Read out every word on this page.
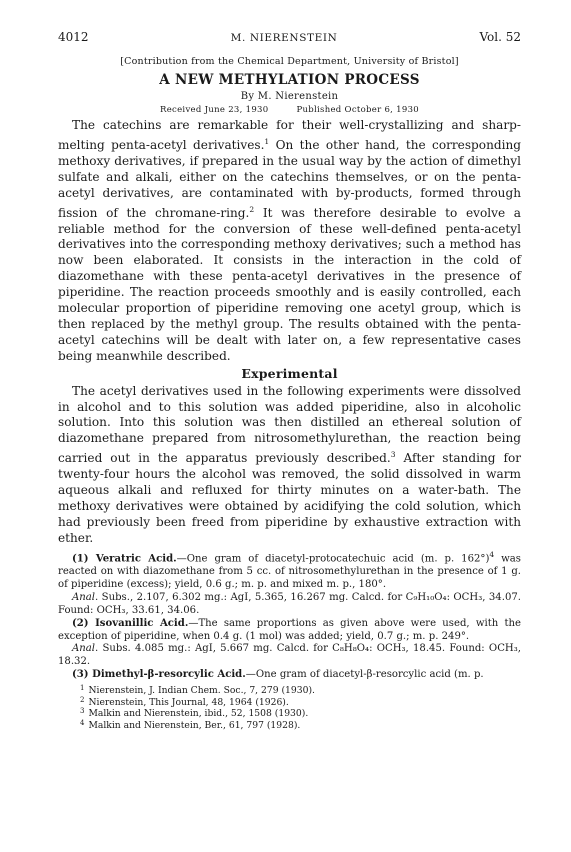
4012	M. NIERENSTEIN	Vol. 52
[Contribution from the Chemical Department, University of Bristol]
A NEW METHYLATION PROCESS
By M. Nierenstein
Received June 23, 1930	Published October 6, 1930

The catechins are remarkable for their well-crystallizing and sharp-melting penta-acetyl derivatives.$^1$ On the other hand, the corresponding methoxy derivatives, if prepared in the usual way by the action of dimethyl sulfate and alkali, either on the catechins themselves, or on the penta-acetyl derivatives, are contaminated with by-products, formed through fission of the chromane-ring.$^2$ It was therefore desirable to evolve a reliable method for the conversion of these well-defined penta-acetyl derivatives into the corresponding methoxy derivatives; such a method has now been elaborated. It consists in the interaction in the cold of diazomethane with these penta-acetyl derivatives in the presence of piperidine. The reaction proceeds smoothly and is easily controlled, each molecular proportion of piperidine removing one acetyl group, which is then replaced by the methyl group. The results obtained with the penta-acetyl catechins will be dealt with later on, a few representative cases being meanwhile described.

Experimental

The acetyl derivatives used in the following experiments were dissolved in alcohol and to this solution was added piperidine, also in alcoholic solution. Into this solution was then distilled an ethereal solution of diazomethane prepared from nitrosomethylurethan, the reaction being carried out in the apparatus previously described.$^3$ After standing for twenty-four hours the alcohol was removed, the solid dissolved in warm aqueous alkali and refluxed for thirty minutes on a water-bath. The methoxy derivatives were obtained by acidifying the cold solution, which had previously been freed from piperidine by exhaustive extraction with ether.

(1) Veratric Acid.—One gram of diacetyl-protocatechuic acid (m. p. 162°)$^4$ was reacted on with diazomethane from 5 cc. of nitrosomethylurethan in the presence of 1 g. of piperidine (excess); yield, 0.6 g.; m. p. and mixed m. p., 180°.

Anal. Subs., 2.107, 6.302 mg.: AgI, 5.365, 16.267 mg. Calcd. for C₉H₁₀O₄: OCH₃, 34.07. Found: OCH₃, 33.61, 34.06.

(2) Isovanillic Acid.—The same proportions as given above were used, with the exception of piperidine, when 0.4 g. (1 mol) was added; yield, 0.7 g.; m. p. 249°.

Anal. Subs. 4.085 mg.: AgI, 5.667 mg. Calcd. for C₈H₈O₄: OCH₃, 18.45. Found: OCH₃, 18.32.

(3) Dimethyl-β-resorcylic Acid.—One gram of diacetyl-β-resorcylic acid (m. p.

1 Nierenstein, J. Indian Chem. Soc., 7, 279 (1930).
2 Nierenstein, This Journal, 48, 1964 (1926).
3 Malkin and Nierenstein, ibid., 52, 1508 (1930).
4 Malkin and Nierenstein, Ber., 61, 797 (1928).
